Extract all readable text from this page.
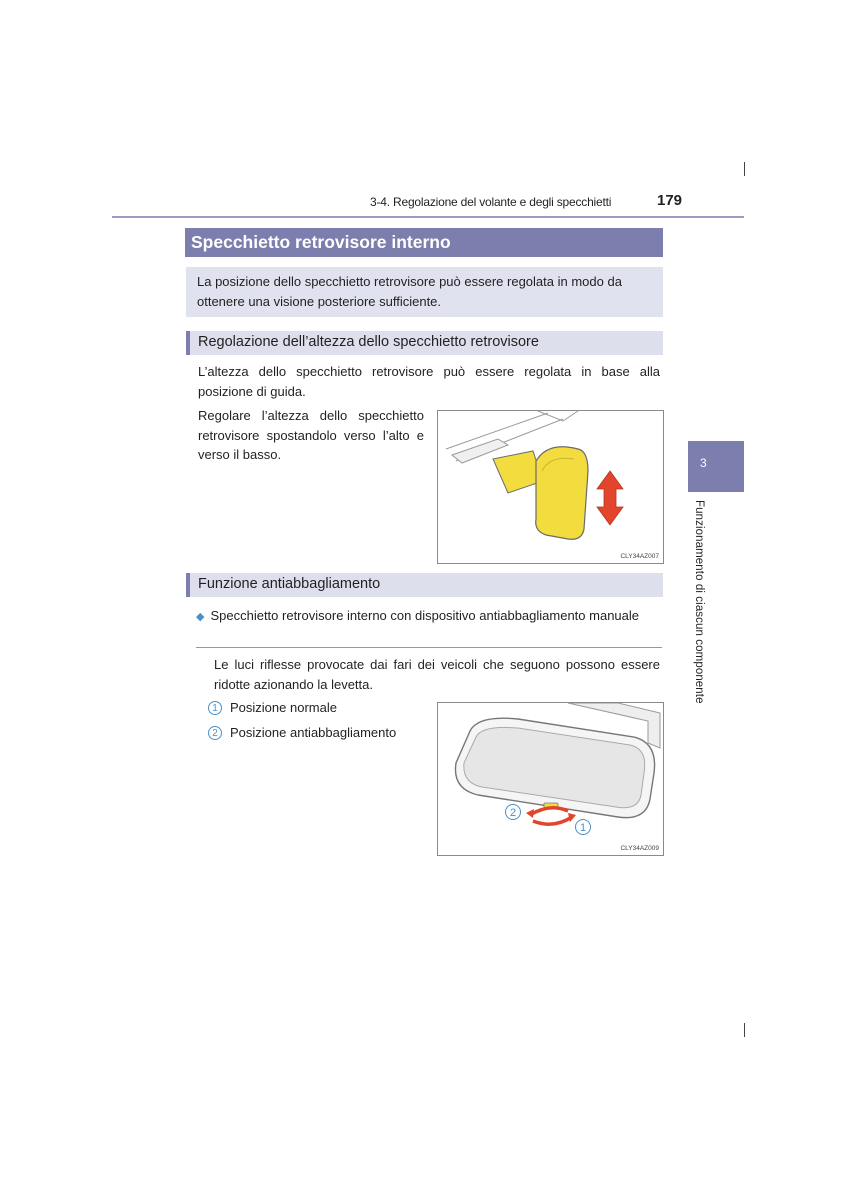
3-4. Regolazione del volante e degli specchietti	179
3
Funzionamento di ciascun componente
Specchietto retrovisore interno
La posizione dello specchietto retrovisore può essere regolata in modo da ottenere una visione posteriore sufficiente.
Regolazione dell’altezza dello specchietto retrovisore
L’altezza dello specchietto retrovisore può essere regolata in base alla posizione di guida.
Regolare l’altezza dello specchietto retrovisore spostandolo verso l’alto e verso il basso.
CLY34AZ007
Funzione antiabbagliamento
◆ Specchietto retrovisore interno con dispositivo antiabbagliamento manuale
Le luci riflesse provocate dai fari dei veicoli che seguono possono essere ridotte azionando la levetta.
1 Posizione normale
2 Posizione antiabbagliamento
2
1
CLY34AZ009
